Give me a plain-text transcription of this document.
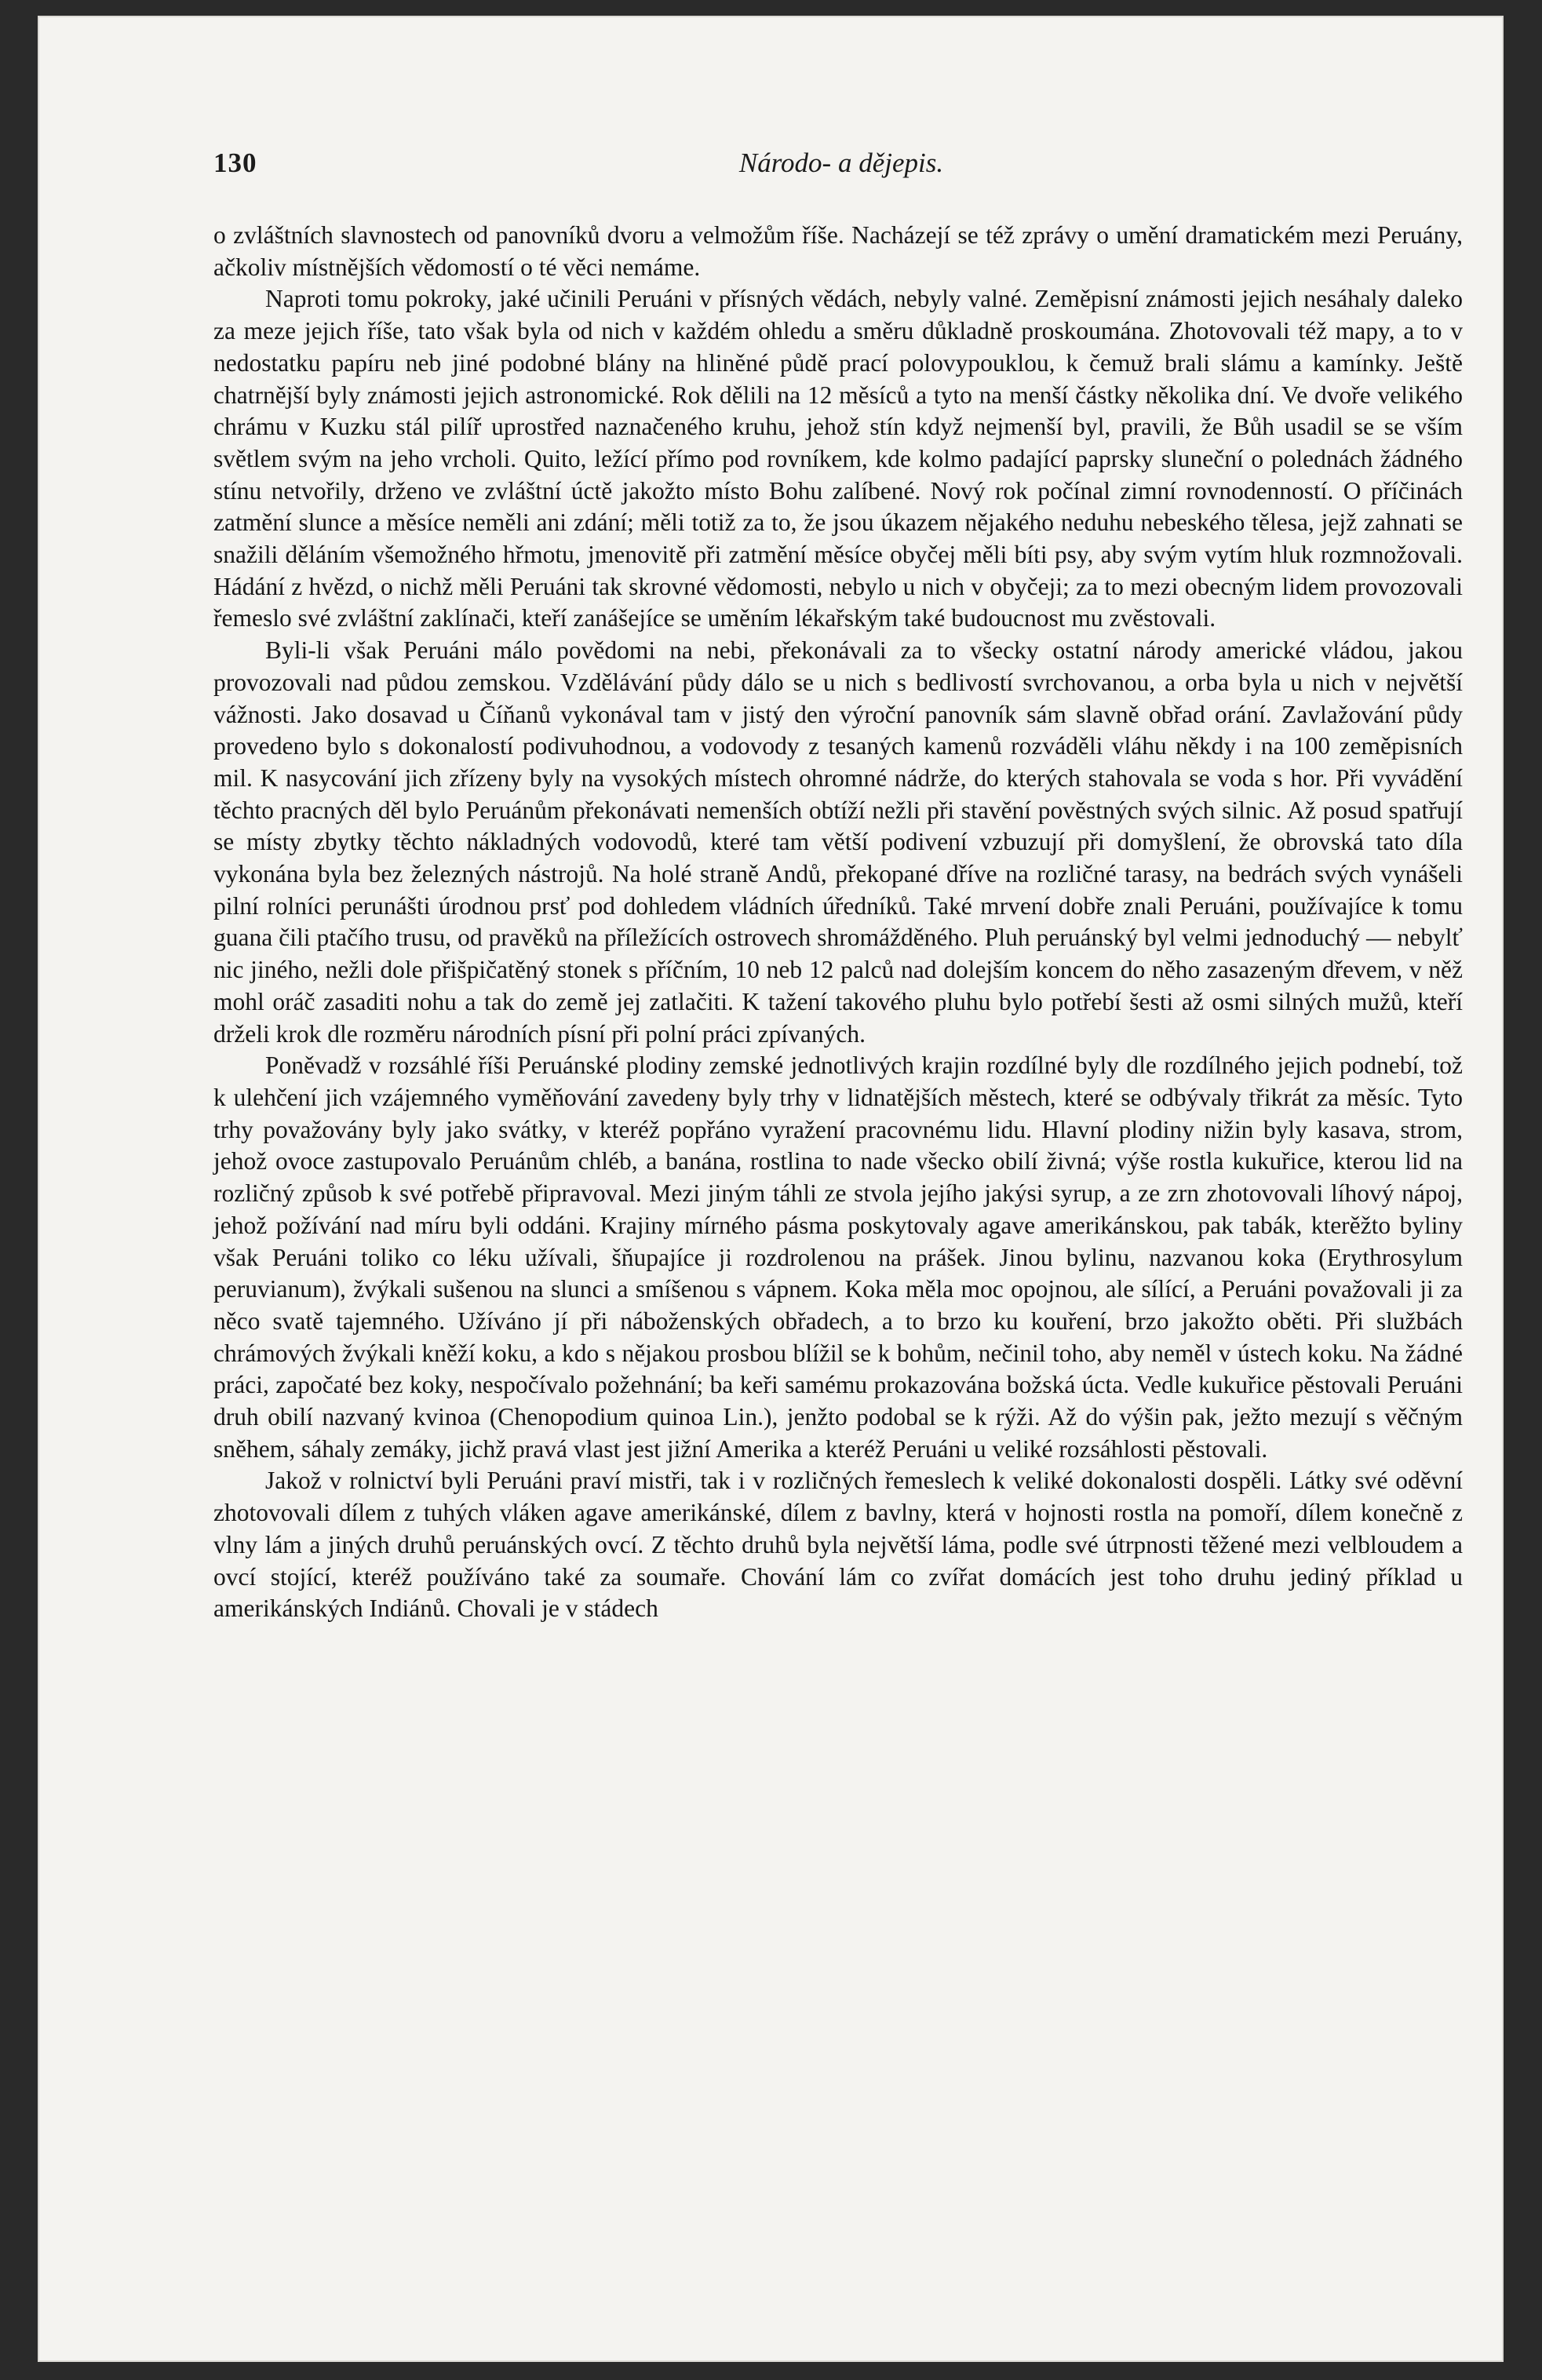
130	Národo- a dějepis.

o zvláštních slavnostech od panovníků dvoru a velmožům říše. Nacházejí se též zprávy o umění dramatickém mezi Peruány, ačkoliv místnějších vědomostí o té věci nemáme.

Naproti tomu pokroky, jaké učinili Peruáni v přísných vědách, nebyly valné. Zeměpisní známosti jejich nesáhaly daleko za meze jejich říše, tato však byla od nich v každém ohledu a směru důkladně proskoumána. Zhotovovali též mapy, a to v nedostatku papíru neb jiné podobné blány na hliněné půdě prací polovypouklou, k čemuž brali slámu a kamínky. Ještě chatrnější byly známosti jejich astronomické. Rok dělili na 12 měsíců a tyto na menší částky několika dní. Ve dvoře velikého chrámu v Kuzku stál pilíř uprostřed naznačeného kruhu, jehož stín když nejmenší byl, pravili, že Bůh usadil se se vším světlem svým na jeho vrcholi. Quito, ležící přímo pod rovníkem, kde kolmo padající paprsky sluneční o polednách žádného stínu netvořily, drženo ve zvláštní úctě jakožto místo Bohu zalíbené. Nový rok počínal zimní rovnodenností. O příčinách zatmění slunce a měsíce neměli ani zdání; měli totiž za to, že jsou úkazem nějakého neduhu nebeského tělesa, jejž zahnati se snažili děláním všemožného hřmotu, jmenovitě při zatmění měsíce obyčej měli bíti psy, aby svým vytím hluk rozmnožovali. Hádání z hvězd, o nichž měli Peruáni tak skrovné vědomosti, nebylo u nich v obyčeji; za to mezi obecným lidem provozovali řemeslo své zvláštní zaklínači, kteří zanášejíce se uměním lékařským také budoucnost mu zvěstovali.

Byli-li však Peruáni málo povědomi na nebi, překonávali za to všecky ostatní národy americké vládou, jakou provozovali nad půdou zemskou. Vzdělávání půdy dálo se u nich s bedlivostí svrchovanou, a orba byla u nich v největší vážnosti. Jako dosavad u Číňanů vykonával tam v jistý den výroční panovník sám slavně obřad orání. Zavlažování půdy provedeno bylo s dokonalostí podivuhodnou, a vodovody z tesaných kamenů rozváděli vláhu někdy i na 100 zeměpisních mil. K nasycování jich zřízeny byly na vysokých místech ohromné nádrže, do kterých stahovala se voda s hor. Při vyvádění těchto pracných děl bylo Peruánům překonávati nemenších obtíží nežli při stavění pověstných svých silnic. Až posud spatřují se místy zbytky těchto nákladných vodovodů, které tam větší podivení vzbuzují při domyšlení, že obrovská tato díla vykonána byla bez železných nástrojů. Na holé straně Andů, překopané dříve na rozličné tarasy, na bedrách svých vynášeli pilní rolníci perunášti úrodnou prsť pod dohledem vládních úředníků. Také mrvení dobře znali Peruáni, používajíce k tomu guana čili ptačího trusu, od pravěků na příležících ostrovech shromážděného. Pluh peruánský byl velmi jednoduchý — nebylť nic jiného, nežli dole přišpičatěný stonek s příčním, 10 neb 12 palců nad dolejším koncem do něho zasazeným dřevem, v něž mohl oráč zasaditi nohu a tak do země jej zatlačiti. K tažení takového pluhu bylo potřebí šesti až osmi silných mužů, kteří drželi krok dle rozměru národních písní při polní práci zpívaných.

Poněvadž v rozsáhlé říši Peruánské plodiny zemské jednotlivých krajin rozdílné byly dle rozdílného jejich podnebí, tož k ulehčení jich vzájemného vyměňování zavedeny byly trhy v lidnatějších městech, které se odbývaly třikrát za měsíc. Tyto trhy považovány byly jako svátky, v kteréž popřáno vyražení pracovnému lidu. Hlavní plodiny nižin byly kasava, strom, jehož ovoce zastupovalo Peruánům chléb, a banána, rostlina to nade všecko obilí živná; výše rostla kukuřice, kterou lid na rozličný způsob k své potřebě připravoval. Mezi jiným táhli ze stvola jejího jakýsi syrup, a ze zrn zhotovovali líhový nápoj, jehož požívání nad míru byli oddáni. Krajiny mírného pásma poskytovaly agave amerikánskou, pak tabák, kterěžto byliny však Peruáni toliko co léku užívali, šňupajíce ji rozdrolenou na prášek. Jinou bylinu, nazvanou koka (Erythrosylum peruvianum), žvýkali sušenou na slunci a smíšenou s vápnem. Koka měla moc opojnou, ale sílící, a Peruáni považovali ji za něco svatě tajemného. Užíváno jí při náboženských obřadech, a to brzo ku kouření, brzo jakožto oběti. Při službách chrámových žvýkali kněží koku, a kdo s nějakou prosbou blížil se k bohům, nečinil toho, aby neměl v ústech koku. Na žádné práci, započaté bez koky, nespočívalo požehnání; ba keři samému prokazována božská úcta. Vedle kukuřice pěstovali Peruáni druh obilí nazvaný kvinoa (Chenopodium quinoa Lin.), jenžto podobal se k rýži. Až do výšin pak, ježto mezují s věčným sněhem, sáhaly zemáky, jichž pravá vlast jest jižní Amerika a kteréž Peruáni u veliké rozsáhlosti pěstovali.

Jakož v rolnictví byli Peruáni praví mistři, tak i v rozličných řemeslech k veliké dokonalosti dospěli. Látky své oděvní zhotovovali dílem z tuhých vláken agave amerikánské, dílem z bavlny, která v hojnosti rostla na pomoří, dílem konečně z vlny lám a jiných druhů peruánských ovcí. Z těchto druhů byla největší láma, podle své útrpnosti těžené mezi velbloudem a ovcí stojící, kteréž používáno také za soumaře. Chování lám co zvířat domácích jest toho druhu jediný příklad u amerikánských Indiánů. Chovali je v stádech
